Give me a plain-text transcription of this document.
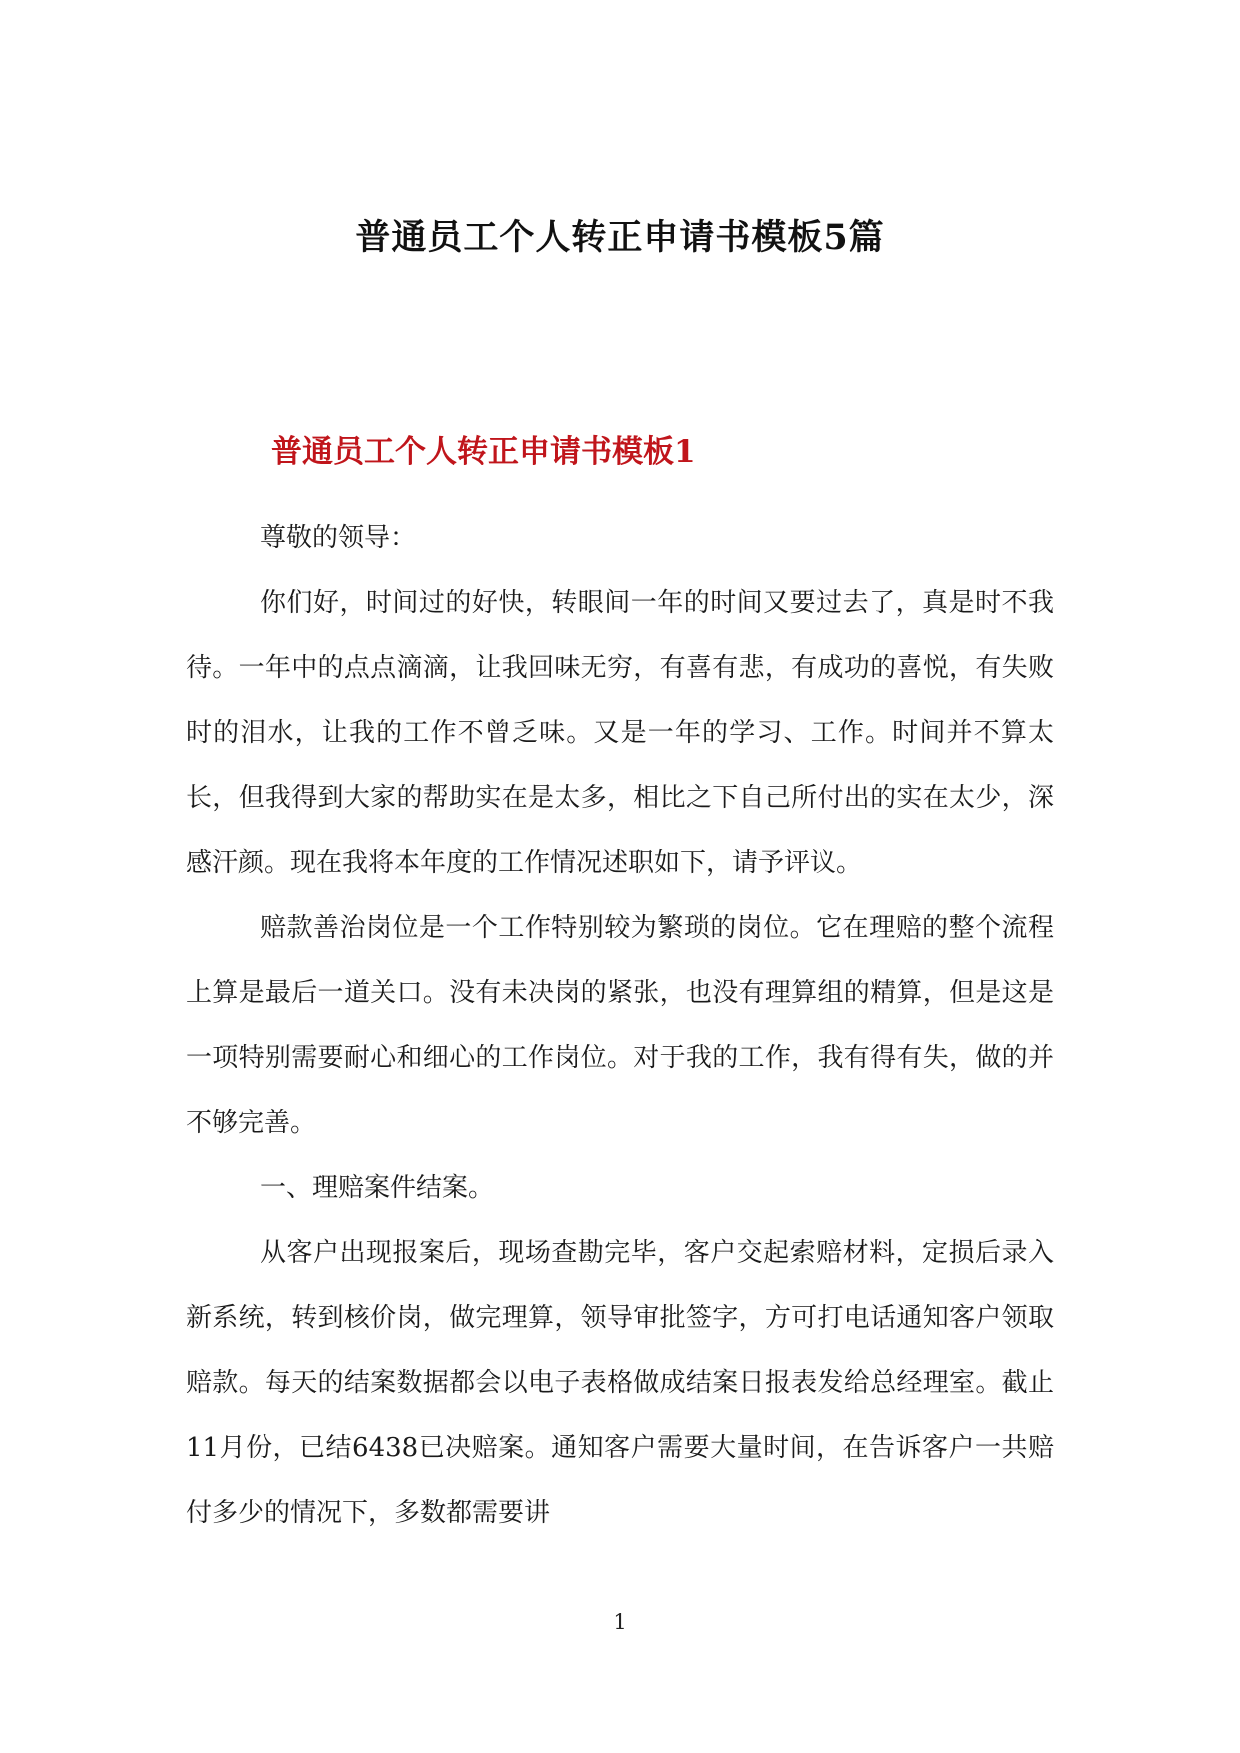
普通员工个人转正申请书模板5篇
普通员工个人转正申请书模板1

尊敬的领导：

你们好，时间过的好快，转眼间一年的时间又要过去了，真是时不我待。一年中的点点滴滴，让我回味无穷，有喜有悲，有成功的喜悦，有失败时的泪水，让我的工作不曾乏味。又是一年的学习、工作。时间并不算太长，但我得到大家的帮助实在是太多，相比之下自己所付出的实在太少，深感汗颜。现在我将本年度的工作情况述职如下，请予评议。

赔款善治岗位是一个工作特别较为繁琐的岗位。它在理赔的整个流程上算是最后一道关口。没有未决岗的紧张，也没有理算组的精算，但是这是一项特别需要耐心和细心的工作岗位。对于我的工作，我有得有失，做的并不够完善。

一、理赔案件结案。

从客户出现报案后，现场查勘完毕，客户交起索赔材料，定损后录入新系统，转到核价岗，做完理算，领导审批签字，方可打电话通知客户领取赔款。每天的结案数据都会以电子表格做成结案日报表发给总经理室。截止11月份，已结6438已决赔案。通知客户需要大量时间，在告诉客户一共赔付多少的情况下，多数都需要讲

1
